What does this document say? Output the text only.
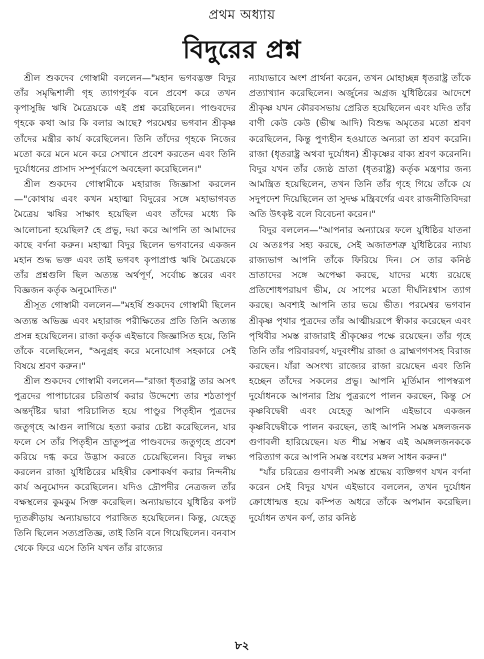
প্রথম অধ্যায়
বিদুরের প্রশ্ন

শ্রীল শুকদেব গোস্বামী বললেন—"মহান ভগবদ্ভক্ত বিদুর তাঁর সমৃদ্ধিশালী গৃহ ত্যাগপূর্বক বনে প্রবেশ করে তখন কৃপাসুন্দ্রি ঋষি মৈত্রেয়কে এই প্রশ্ন করেছিলেন। পাণ্ডবদের গৃহকে কথা আর কি বলার আছে? পরমেশ্বর ভগবান শ্রীকৃষ্ণ তাঁদের মন্ত্রীর কার্য করেছিলেন। তিনি তাঁদের গৃহকে নিজের মতো করে মনে মনে করে সেখানে প্রবেশ করতেন এবং তিনি দুর্যোধনের প্রাসাদ সম্পূর্ণরূপে অবহেলা করেছিলেন।"

শ্রীল শুকদেব গোস্বামীকে মহারাজ জিজ্ঞাসা করলেন—"কোথায় এবং কখন মহাত্মা বিদুরের সঙ্গে মহাভাগবত মৈত্রেয় ঋষির সাক্ষাৎ হয়েছিল এবং তাঁদের মধ্যে কি আলোচনা হয়েছিল? হে প্রভু, দয়া করে আপনি তা আমাদের কাছে বর্ণনা করুন। মহাত্মা বিদুর ছিলেন ভগবানের একজন মহান শুদ্ধ ভক্ত এবং তাই ভগবৎ কৃপাপ্রাপ্ত ঋষি মৈত্রেয়কে তাঁর প্রশ্নগুলি ছিল অত্যন্ত অর্থপূর্ণ, সর্বোচ্চ স্তরের এবং বিজ্ঞজন কর্তৃক অনুমোদিত।"

শ্রীসূত গোস্বামী বললেন—"মহর্ষি শুকদেব গোস্বামী ছিলেন অত্যন্ত অভিজ্ঞ এবং মহারাজ পরীক্ষিতের প্রতি তিনি অত্যন্ত প্রসন্ন হয়েছিলেন। রাজা কর্তৃক এইভাবে জিজ্ঞাসিত হয়ে, তিনি তাঁকে বলেছিলেন, "অনুগ্রহ করে মনোযোগ সহকারে সেই বিষয়ে শ্রবণ করুন।"

শ্রীল শুকদেব গোস্বামী বললেন—"রাজা ধৃতরাষ্ট্র তার অসৎ পুত্রদের পাপাচারের চরিতার্থ করার উদ্দেশ্যে তার শঠতাপূর্ণ অন্তর্দৃষ্টির দ্বারা পরিচালিত হয়ে পাণ্ডুর পিতৃহীন পুত্রদের জতুগৃহে আগুন লাগিয়ে হত্যা করার চেষ্টা করেছিলেন, যার ফলে সে তাঁর পিতৃহীন ভ্রাতুষ্পুত্র পাণ্ডবদের জতুগৃহে প্রবেশ করিয়ে দগ্ধ করে উদ্ভাস করতে চেয়েছিলেন। বিদুর লক্ষ্য করলেন রাজা যুধিষ্ঠিরের মহিষীর কেশাকর্ষণ করার নিন্দনীয় কার্য অনুমোদন করেছিলেন। যদিও দ্রৌপদীর নেত্রজল তাঁর বক্ষস্থলের কুমকুম সিক্ত করেছিল। অন্যায়ভাবে যুধিষ্ঠির কপট দ্যূতক্রীড়ায় অন্যায়ভাবে পরাজিত হয়েছিলেন। কিন্তু, যেহেতু তিনি ছিলেন সত্যপ্রতিজ্ঞ, তাই তিনি বনে গিয়েছিলেন। বনবাস থেকে ফিরে এসে তিনি যখন তাঁর রাজ্যের

ন্যায্যভাবে অংশ প্রার্থনা করেন, তখন মোহাচ্ছন্ন ধৃতরাষ্ট্র তাঁকে প্রত্যাখ্যান করেছিলেন। অর্জুনের অগ্রজ যুধিষ্ঠিরের আদেশে শ্রীকৃষ্ণ যখন কৌরবসভায় প্রেরিত হয়েছিলেন এবং যদিও তাঁর বাণী কেউ কেউ (ভীষ্ম আদি) বিশুদ্ধ অমৃতের মতো শ্রবণ করেছিলেন, কিন্তু পুণ্যহীন হওয়াতে অন্যরা তা শ্রবণ করেনি। রাজা (ধৃতরাষ্ট্র অথবা দুর্যোধন) শ্রীকৃষ্ণের বাক্য শ্রবণ করেননি। বিদুর যখন তাঁর জ্যেষ্ঠ ভ্রাতা (ধৃতরাষ্ট্র) কর্তৃক মন্ত্রণার জন্য আমন্ত্রিত হয়েছিলেন, তখন তিনি তাঁর গৃহে গিয়ে তাঁকে যে সদুপদেশ দিয়েছিলেন তা সুদক্ষ মন্ত্রিবর্গের এবং রাজনীতিবিদরা অতি উৎকৃষ্ট বলে বিবেচনা করেন।"

বিদুর বললেন—"আপনার অন্যায়ের ফলে যুধিষ্ঠির যাতনা যে অতঃপর সহ্য করছে, সেই অজাতশত্রু যুধিষ্ঠিরের ন্যায্য রাজ্যভাগ আপনি তাঁকে ফিরিয়ে দিন। সে তার কনিষ্ঠ ভ্রাতাদের সঙ্গে অপেক্ষা করছে, যাদের মধ্যে রয়েছে প্রতিশোধপরায়ণ ভীম, যে সাপের মতো দীর্ঘনিঃশ্বাস ত্যাগ করছে। অবশ্যই আপনি তার ভয়ে ভীত। পরমেশ্বর ভগবান শ্রীকৃষ্ণ পৃথার পুত্রদের তাঁর আত্মীয়রূপে স্বীকার করেছেন এবং পৃথিবীর সমস্ত রাজারাই শ্রীকৃষ্ণের পক্ষে রয়েছেন। তাঁর গৃহে তিনি তাঁর পরিবারবর্গ, যদুবংশীয় রাজা ও ব্রাহ্মণগণসহ বিরাজ করছেন। যাঁরা অসংখ্য রাজ্যের রাজা রয়েছেন এবং তিনি হচ্ছেন তাঁদের সকলের প্রভু। আপনি মূর্তিমান পাপস্বরূপ দুর্যোধনকে আপনার প্রিয় পুত্ররূপে পালন করছেন, কিন্তু সে কৃষ্ণবিদ্বেষী এবং যেহেতু আপনি এইভাবে একজন কৃষ্ণবিদ্বেষীকে পালন করছেন, তাই আপনি সমস্ত মঙ্গলজনক গুণাবলী হারিয়েছেন। যত শীঘ্র সম্ভব এই অমঙ্গলজনককে পরিত্যাগ করে আপনি সমস্ত বংশের মঙ্গল সাধন করুন।"

"যাঁর চরিত্রের গুণাবলী সমস্ত শ্রদ্ধেয় ব্যক্তিগণ যখন বর্ণনা করেন সেই বিদুর যখন এইভাবে বললেন, তখন দুর্যোধন ক্রোধোন্মত্ত হয়ে কম্পিত অধরে তাঁকে অপমান করেছিল। দুর্যোধন তখন কর্ণ, তার কনিষ্ঠ

৮২
